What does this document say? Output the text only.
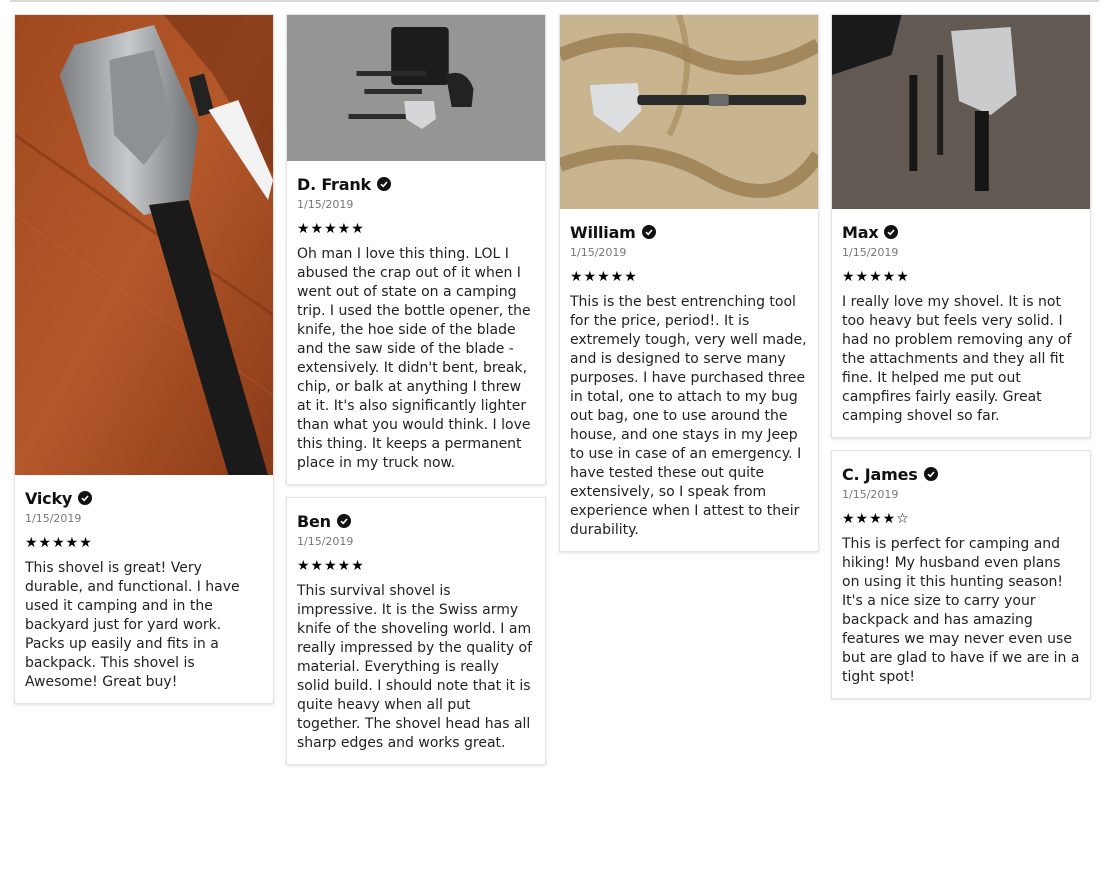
Vicky
1/15/2019
★★★★★
This shovel is great! Very durable, and functional. I have used it camping and in the backyard just for yard work. Packs up easily and fits in a backpack. This shovel is Awesome! Great buy!
D. Frank
1/15/2019
★★★★★
Oh man I love this thing. LOL I abused the crap out of it when I went out of state on a camping trip. I used the bottle opener, the knife, the hoe side of the blade and the saw side of the blade - extensively. It didn't bent, break, chip, or balk at anything I threw at it. It's also significantly lighter than what you would think. I love this thing. It keeps a permanent place in my truck now.
Ben
1/15/2019
★★★★★
This survival shovel is impressive. It is the Swiss army knife of the shoveling world. I am really impressed by the quality of material. Everything is really solid build. I should note that it is quite heavy when all put together. The shovel head has all sharp edges and works great.
William
1/15/2019
★★★★★
This is the best entrenching tool for the price, period!. It is extremely tough, very well made, and is designed to serve many purposes. I have purchased three in total, one to attach to my bug out bag, one to use around the house, and one stays in my Jeep to use in case of an emergency. I have tested these out quite extensively, so I speak from experience when I attest to their durability.
Max
1/15/2019
★★★★★
I really love my shovel. It is not too heavy but feels very solid. I had no problem removing any of the attachments and they all fit fine. It helped me put out campfires fairly easily. Great camping shovel so far.
C. James
1/15/2019
★★★★☆
This is perfect for camping and hiking! My husband even plans on using it this hunting season! It's a nice size to carry your backpack and has amazing features we may never even use but are glad to have if we are in a tight spot!
